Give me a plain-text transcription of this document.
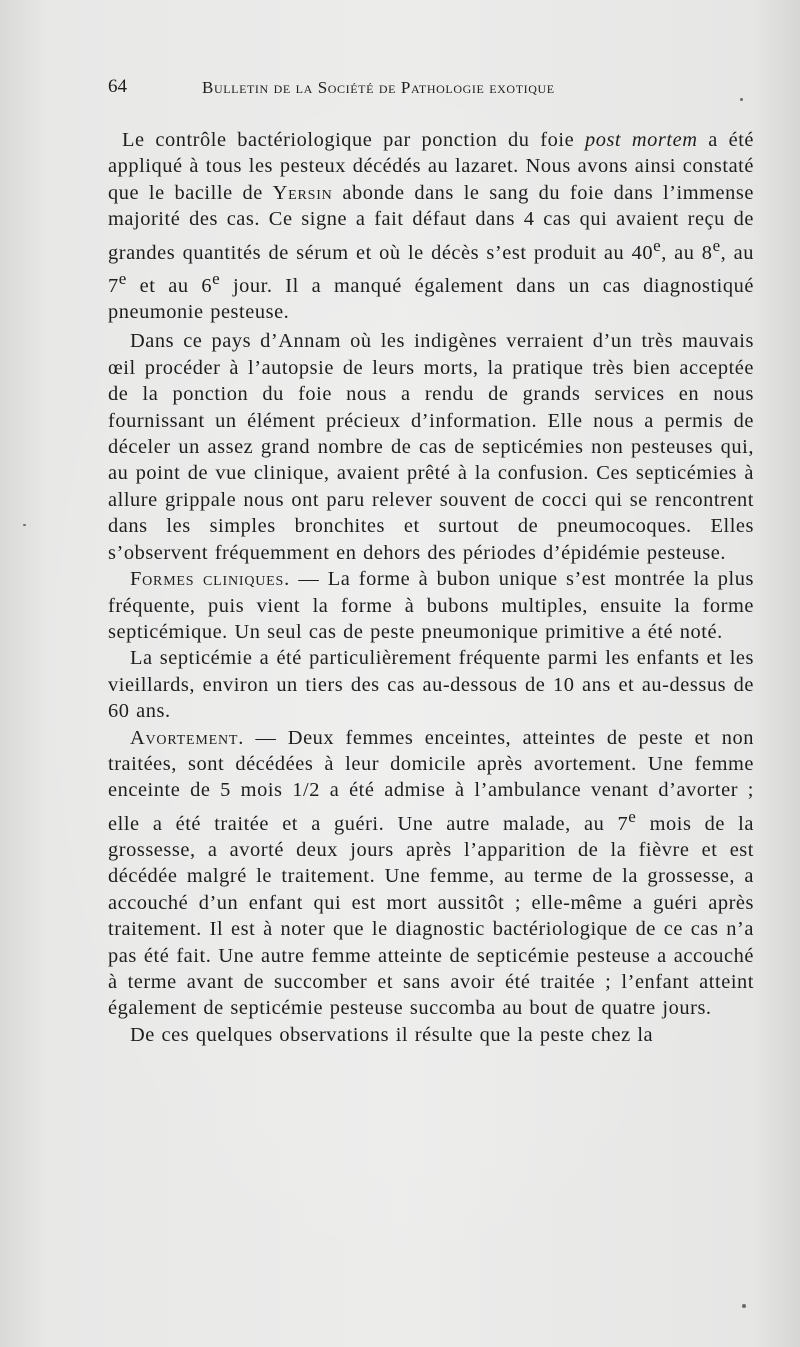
64	Bulletin de la Société de Pathologie exotique

Le contrôle bactériologique par ponction du foie post mortem a été appliqué à tous les pesteux décédés au lazaret. Nous avons ainsi constaté que le bacille de Yersin abonde dans le sang du foie dans l’immense majorité des cas. Ce signe a fait défaut dans 4 cas qui avaient reçu de grandes quantités de sérum et où le décès s’est produit au 40e, au 8e, au 7e et au 6e jour. Il a manqué également dans un cas diagnostiqué pneumonie pesteuse.

Dans ce pays d’Annam où les indigènes verraient d’un très mauvais œil procéder à l’autopsie de leurs morts, la pratique très bien acceptée de la ponction du foie nous a rendu de grands services en nous fournissant un élément précieux d’information. Elle nous a permis de déceler un assez grand nombre de cas de septicémies non pesteuses qui, au point de vue clinique, avaient prêté à la confusion. Ces septicémies à allure grippale nous ont paru relever souvent de cocci qui se rencontrent dans les simples bronchites et surtout de pneumocoques. Elles s’observent fréquemment en dehors des périodes d’épidémie pesteuse.

Formes cliniques. — La forme à bubon unique s’est montrée la plus fréquente, puis vient la forme à bubons multiples, ensuite la forme septicémique. Un seul cas de peste pneumonique primitive a été noté.

La septicémie a été particulièrement fréquente parmi les enfants et les vieillards, environ un tiers des cas au-dessous de 10 ans et au-dessus de 60 ans.

Avortement. — Deux femmes enceintes, atteintes de peste et non traitées, sont décédées à leur domicile après avortement. Une femme enceinte de 5 mois 1/2 a été admise à l’ambulance venant d’avorter ; elle a été traitée et a guéri. Une autre malade, au 7e mois de la grossesse, a avorté deux jours après l’apparition de la fièvre et est décédée malgré le traitement. Une femme, au terme de la grossesse, a accouché d’un enfant qui est mort aussitôt ; elle-même a guéri après traitement. Il est à noter que le diagnostic bactériologique de ce cas n’a pas été fait. Une autre femme atteinte de septicémie pesteuse a accouché à terme avant de succomber et sans avoir été traitée ; l’enfant atteint également de septicémie pesteuse succomba au bout de quatre jours.

De ces quelques observations il résulte que la peste chez la
